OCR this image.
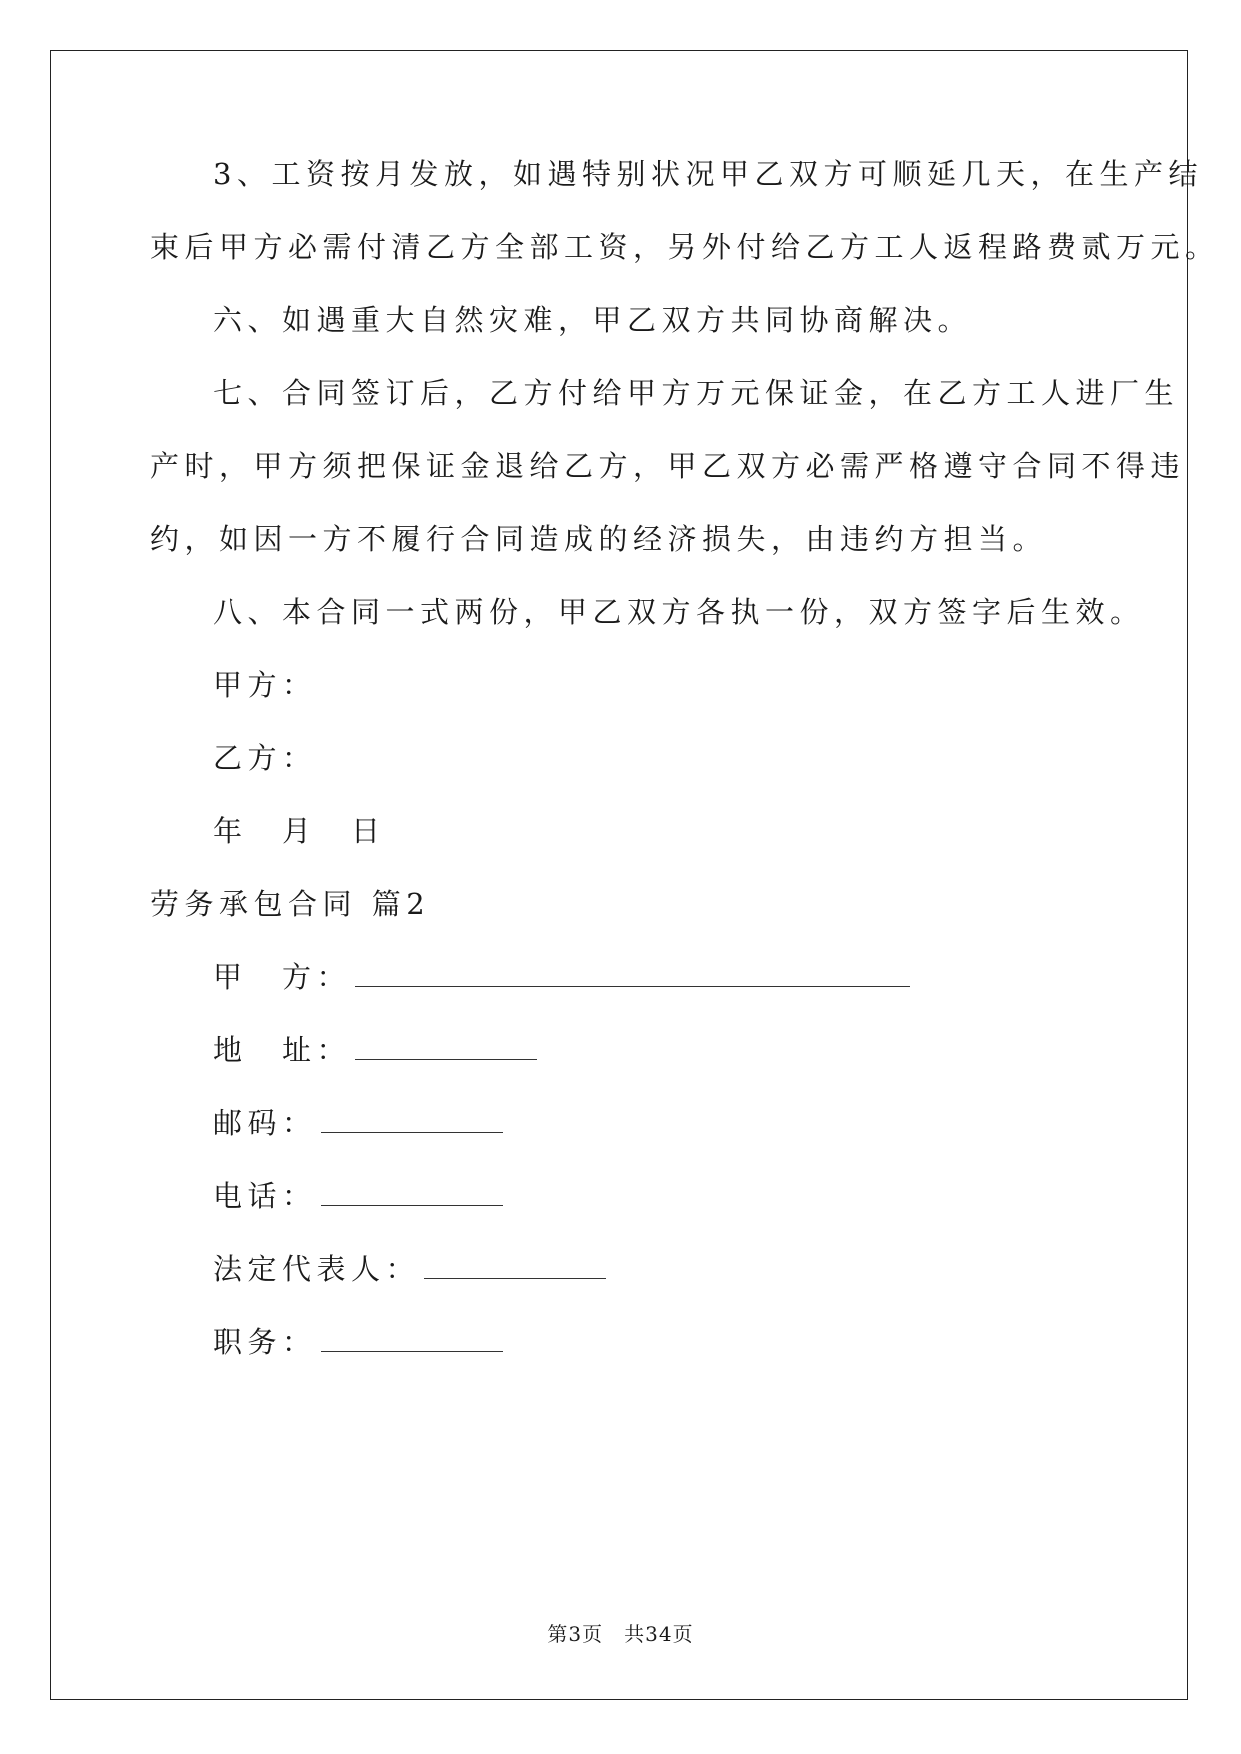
3、工资按月发放，如遇特别状况甲乙双方可顺延几天，在生产结
束后甲方必需付清乙方全部工资，另外付给乙方工人返程路费贰万元。
六、如遇重大自然灾难，甲乙双方共同协商解决。
七、合同签订后，乙方付给甲方万元保证金，在乙方工人进厂生
产时，甲方须把保证金退给乙方，甲乙双方必需严格遵守合同不得违
约，如因一方不履行合同造成的经济损失，由违约方担当。
八、本合同一式两份，甲乙双方各执一份，双方签字后生效。
甲方：
乙方：
年　月　日
劳务承包合同 篇2
甲　方：
地　址：
邮码：
电话：
法定代表人：
职务：
第3页　共34页
